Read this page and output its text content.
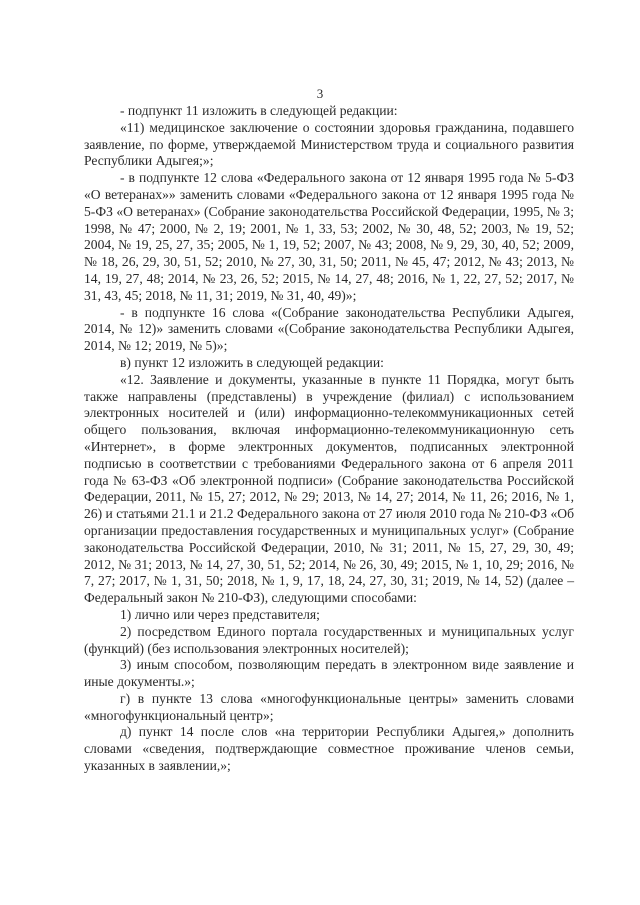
3

- подпункт 11 изложить в следующей редакции:

«11) медицинское заключение о состоянии здоровья гражданина, подавшего заявление, по форме, утверждаемой Министерством труда и социального развития Республики Адыгея;»;

- в подпункте 12 слова «Федерального закона от 12 января 1995 года № 5-ФЗ «О ветеранах»» заменить словами «Федерального закона от 12 января 1995 года № 5-ФЗ «О ветеранах» (Собрание законодательства Российской Федерации, 1995, № 3; 1998, № 47; 2000, № 2, 19; 2001, № 1, 33, 53; 2002, № 30, 48, 52; 2003, № 19, 52; 2004, № 19, 25, 27, 35; 2005, № 1, 19, 52; 2007, № 43; 2008, № 9, 29, 30, 40, 52; 2009, № 18, 26, 29, 30, 51, 52; 2010, № 27, 30, 31, 50; 2011, № 45, 47; 2012, № 43; 2013, № 14, 19, 27, 48; 2014, № 23, 26, 52; 2015, № 14, 27, 48; 2016, № 1, 22, 27, 52; 2017, № 31, 43, 45; 2018, № 11, 31; 2019, № 31, 40, 49)»;

- в подпункте 16 слова «(Собрание законодательства Республики Адыгея, 2014, № 12)» заменить словами «(Собрание законодательства Республики Адыгея, 2014, № 12; 2019, № 5)»;

в) пункт 12 изложить в следующей редакции:

«12. Заявление и документы, указанные в пункте 11 Порядка, могут быть также направлены (представлены) в учреждение (филиал) с использованием электронных носителей и (или) информационно-телекоммуникационных сетей общего пользования, включая информационно-телекоммуникационную сеть «Интернет», в форме электронных документов, подписанных электронной подписью в соответствии с требованиями Федерального закона от 6 апреля 2011 года № 63-ФЗ «Об электронной подписи» (Собрание законодательства Российской Федерации, 2011, № 15, 27; 2012, № 29; 2013, № 14, 27; 2014, № 11, 26; 2016, № 1, 26) и статьями 21.1 и 21.2 Федерального закона от 27 июля 2010 года № 210-ФЗ «Об организации предоставления государственных и муниципальных услуг» (Собрание законодательства Российской Федерации, 2010, № 31; 2011, № 15, 27, 29, 30, 49; 2012, № 31; 2013, № 14, 27, 30, 51, 52; 2014, № 26, 30, 49; 2015, № 1, 10, 29; 2016, № 7, 27; 2017, № 1, 31, 50; 2018, № 1, 9, 17, 18, 24, 27, 30, 31; 2019, № 14, 52) (далее – Федеральный закон № 210-ФЗ), следующими способами:

1) лично или через представителя;

2) посредством Единого портала государственных и муниципальных услуг (функций) (без использования электронных носителей);

3) иным способом, позволяющим передать в электронном виде заявление и иные документы.»;

г) в пункте 13 слова «многофункциональные центры» заменить словами «многофункциональный центр»;

д) пункт 14 после слов «на территории Республики Адыгея,» дополнить словами «сведения, подтверждающие совместное проживание членов семьи, указанных в заявлении,»;
